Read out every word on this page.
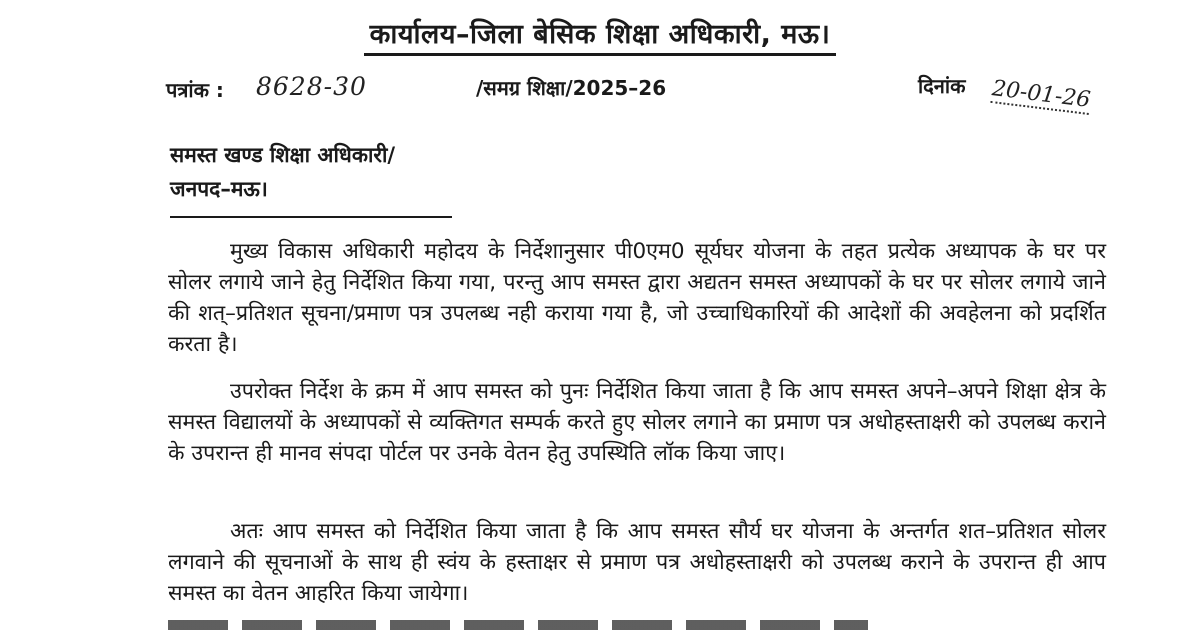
कार्यालय–जिला बेसिक शिक्षा अधिकारी, मऊ।
पत्रांक : 8628-30	/समग्र शिक्षा/2025–26	दिनांक 20-01-26
समस्त खण्ड शिक्षा अधिकारी/
जनपद–मऊ।
मुख्य विकास अधिकारी महोदय के निर्देशानुसार पी0एम0 सूर्यघर योजना के तहत प्रत्येक अध्यापक के घर पर सोलर लगाये जाने हेतु निर्देशित किया गया, परन्तु आप समस्त द्वारा अद्यतन समस्त अध्यापकों के घर पर सोलर लगाये जाने की शत्–प्रतिशत सूचना/प्रमाण पत्र उपलब्ध नही कराया गया है, जो उच्चाधिकारियों की आदेशों की अवहेलना को प्रदर्शित करता है।
उपरोक्त निर्देश के क्रम में आप समस्त को पुनः निर्देशित किया जाता है कि आप समस्त अपने–अपने शिक्षा क्षेत्र के समस्त विद्यालयों के अध्यापकों से व्यक्तिगत सम्पर्क करते हुए सोलर लगाने का प्रमाण पत्र अधोहस्ताक्षरी को उपलब्ध कराने के उपरान्त ही मानव संपदा पोर्टल पर उनके वेतन हेतु उपस्थिति लॉक किया जाए।
अतः आप समस्त को निर्देशित किया जाता है कि आप समस्त सौर्य घर योजना के अन्तर्गत शत–प्रतिशत सोलर लगवाने की सूचनाओं के साथ ही स्वंय के हस्ताक्षर से प्रमाण पत्र अधोहस्ताक्षरी को उपलब्ध कराने के उपरान्त ही आप समस्त का वेतन आहरित किया जायेगा।
